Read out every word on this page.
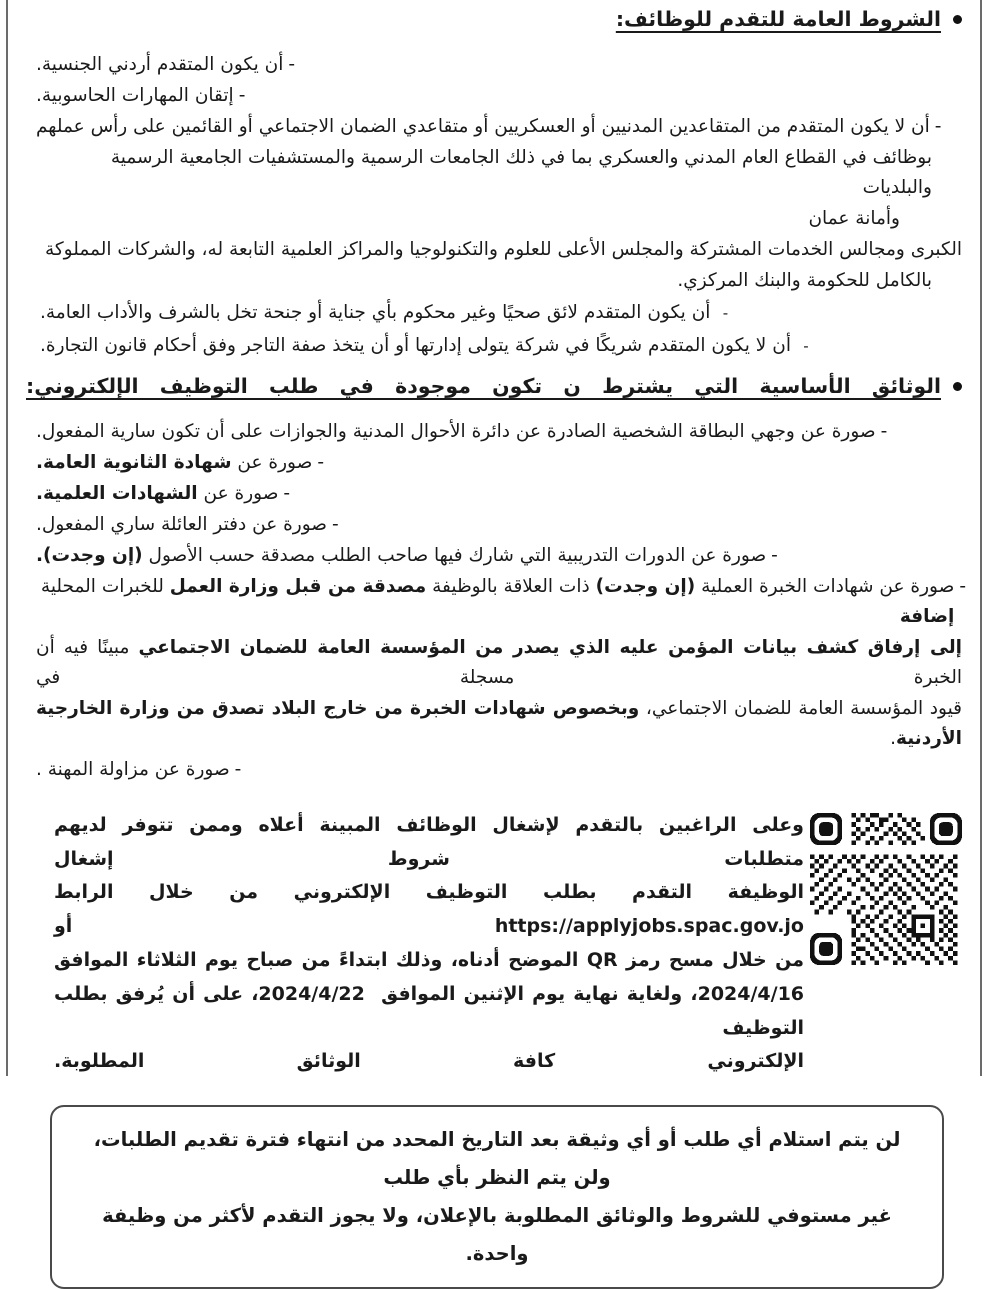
الشروط العامة للتقدم للوظائف:
-
أن يكون المتقدم أردني الجنسية.
-
إتقان المهارات الحاسوبية.
-
أن لا يكون المتقدم من المتقاعدين المدنيين أو العسكريين أو متقاعدي الضمان الاجتماعي أو القائمين على رأس عملهم
بوظائف في القطاع العام المدني والعسكري بما في ذلك الجامعات الرسمية والمستشفيات الجامعية الرسمية والبلديات
وأمانة عمان
الكبرى ومجالس الخدمات المشتركة والمجلس الأعلى للعلوم والتكنولوجيا والمراكز العلمية التابعة له، والشركات المملوكة
بالكامل للحكومة والبنك المركزي.
-
أن يكون المتقدم لائق صحيًا وغير محكوم بأي جناية أو جنحة تخل بالشرف والأداب العامة.
-
أن لا يكون المتقدم شريكًا في شركة يتولى إدارتها أو أن يتخذ صفة التاجر وفق أحكام قانون التجارة.
الوثائق الأساسية التي يشترط ن تكون موجودة في طلب التوظيف الإلكتروني:
-
صورة عن وجهي البطاقة الشخصية الصادرة عن دائرة الأحوال المدنية والجوازات على أن تكون سارية المفعول.
-
صورة عن شهادة الثانوية العامة.
-
صورة عن الشهادات العلمية.
-
صورة عن دفتر العائلة ساري المفعول.
-
صورة عن الدورات التدريبية التي شارك فيها صاحب الطلب مصدقة حسب الأصول (إن وجدت).
-
صورة عن شهادات الخبرة العملية (إن وجدت) ذات العلاقة بالوظيفة مصدقة من قبل وزارة العمل للخبرات المحلية إضافة
إلى إرفاق كشف بيانات المؤمن عليه الذي يصدر من المؤسسة العامة للضمان الاجتماعي مبينًا فيه أن الخبرة مسجلة في
قيود المؤسسة العامة للضمان الاجتماعي، وبخصوص شهادات الخبرة من خارج البلاد تصدق من وزارة الخارجية الأردنية.
-
صورة عن مزاولة المهنة .
وعلى الراغبين بالتقدم لإشغال الوظائف المبينة أعلاه وممن تتوفر لديهم متطلبات شروط إشغال
الوظيفة التقدم بطلب التوظيف الإلكتروني من خلال الرابط https://applyjobs.spac.gov.jo أو
من خلال مسح رمز QR الموضح أدناه، وذلك ابتداءً من صباح يوم الثلاثاء الموافق
2024/4/16، ولغاية نهاية يوم الإثنين الموافق  2024/4/22، على أن يُرفق بطلب التوظيف
الإلكتروني كافة الوثائق المطلوبة.
لن يتم استلام أي طلب أو أي وثيقة بعد التاريخ المحدد من انتهاء فترة تقديم الطلبات، ولن يتم النظر بأي طلب
غير مستوفي للشروط والوثائق المطلوبة بالإعلان، ولا يجوز التقدم لأكثر من وظيفة واحدة.
